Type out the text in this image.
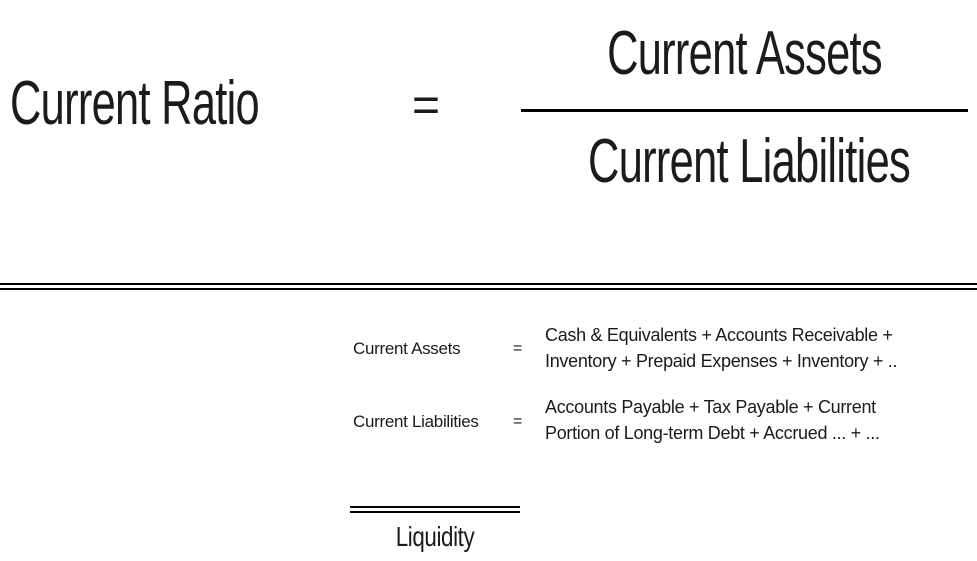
Current Ratio	=
Current Assets
Current Liabilities
Current Assets	=
Cash & Equivalents + Accounts Receivable +
Inventory + Prepaid Expenses + Inventory + ..
Current Liabilities =
Accounts Payable + Tax Payable + Current
Portion of Long-term Debt + Accrued ... + ...
Liquidity
